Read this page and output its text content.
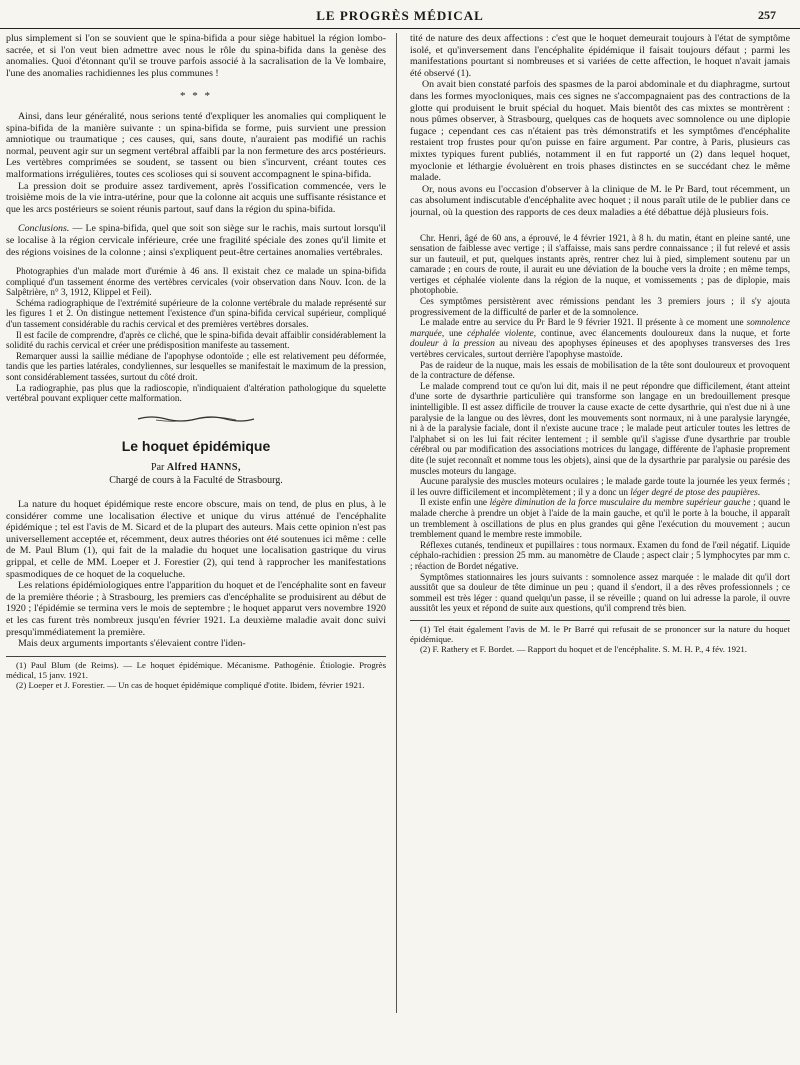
LE PROGRÈS MÉDICAL	257

plus simplement si l'on se souvient que le spina-bifida a pour siège habituel la région lombo-sacrée, et si l'on veut bien admettre avec nous le rôle du spina-bifida dans la genèse des anomalies. Quoi d'étonnant qu'il se trouve parfois associé à la sacralisation de la Ve lombaire, l'une des anomalies rachidiennes les plus communes !

* * *

Ainsi, dans leur généralité, nous serions tenté d'expliquer les anomalies qui compliquent le spina-bifida de la manière suivante : un spina-bifida se forme, puis survient une pression amniotique ou traumatique ; ces causes, qui, sans doute, n'auraient pas modifié un rachis normal, peuvent agir sur un segment vertébral affaibli par la non fermeture des arcs postérieurs. Les vertèbres comprimées se soudent, se tassent ou bien s'incurvent, créant toutes ces malformations irrégulières, toutes ces scolioses qui si souvent accompagnent le spina-bifida.

La pression doit se produire assez tardivement, après l'ossification commencée, vers le troisième mois de la vie intra-utérine, pour que la colonne ait acquis une suffisante résistance et que les arcs postérieurs se soient réunis partout, sauf dans la région du spina-bifida.

Conclusions. — Le spina-bifida, quel que soit son siège sur le rachis, mais surtout lorsqu'il se localise à la région cervicale inférieure, crée une fragilité spéciale des zones qu'il limite et des régions voisines de la colonne ; ainsi s'expliquent peut-être certaines anomalies vertébrales.

Photographies d'un malade mort d'urémie à 46 ans. Il existait chez ce malade un spina-bifida compliqué d'un tassement énorme des vertèbres cervicales (voir observation dans Nouv. Icon. de la Salpêtrière, n° 3, 1912, Klippel et Feil).

Schéma radiographique de l'extrémité supérieure de la colonne vertébrale du malade représenté sur les figures 1 et 2. On distingue nettement l'existence d'un spina-bifida cervical supérieur, compliqué d'un tassement considérable du rachis cervical et des premières vertèbres dorsales.

Il est facile de comprendre, d'après ce cliché, que le spina-bifida devait affaiblir considérablement la solidité du rachis cervical et créer une prédisposition manifeste au tassement.

Remarquer aussi la saillie médiane de l'apophyse odontoïde ; elle est relativement peu déformée, tandis que les parties latérales, condyliennes, sur lesquelles se manifestait le maximum de la pression, sont considérablement tassées, surtout du côté droit.

La radiographie, pas plus que la radioscopie, n'indiquaient d'altération pathologique du squelette vertébral pouvant expliquer cette malformation.

Le hoquet épidémique
Par Alfred HANNS,
Chargé de cours à la Faculté de Strasbourg.

La nature du hoquet épidémique reste encore obscure, mais on tend, de plus en plus, à le considérer comme une localisation élective et unique du virus atténué de l'encéphalite épidémique ; tel est l'avis de M. Sicard et de la plupart des auteurs. Mais cette opinion n'est pas universellement acceptée et, récemment, deux autres théories ont été soutenues ici même : celle de M. Paul Blum (1), qui fait de la maladie du hoquet une localisation gastrique du virus grippal, et celle de MM. Loeper et J. Forestier (2), qui tend à rapprocher les manifestations spasmodiques de ce hoquet de la coqueluche.

Les relations épidémiologiques entre l'apparition du hoquet et de l'encéphalite sont en faveur de la première théorie ; à Strasbourg, les premiers cas d'encéphalite se produisirent au début de 1920 ; l'épidémie se termina vers le mois de septembre ; le hoquet apparut vers novembre 1920 et les cas furent très nombreux jusqu'en février 1921. La deuxième maladie avait donc suivi presqu'immédiatement la première.

Mais deux arguments importants s'élevaient contre l'iden-

(1) Paul Blum (de Reims). — Le hoquet épidémique. Mécanisme. Pathogénie. Étiologie. Progrès médical, 15 janv. 1921.

(2) Loeper et J. Forestier. — Un cas de hoquet épidémique compliqué d'otite. Ibidem, février 1921.

tité de nature des deux affections : c'est que le hoquet demeurait toujours à l'état de symptôme isolé, et qu'inversement dans l'encéphalite épidémique il faisait toujours défaut ; parmi les manifestations pourtant si nombreuses et si variées de cette affection, le hoquet n'avait jamais été observé (1).

On avait bien constaté parfois des spasmes de la paroi abdominale et du diaphragme, surtout dans les formes myocloniques, mais ces signes ne s'accompagnaient pas des contractions de la glotte qui produisent le bruit spécial du hoquet. Mais bientôt des cas mixtes se montrèrent : nous pûmes observer, à Strasbourg, quelques cas de hoquets avec somnolence ou une diplopie fugace ; cependant ces cas n'étaient pas très démonstratifs et les symptômes d'encéphalite restaient trop frustes pour qu'on puisse en faire argument. Par contre, à Paris, plusieurs cas mixtes typiques furent publiés, notamment il en fut rapporté un (2) dans lequel hoquet, myoclonie et léthargie évoluèrent en trois phases distinctes en se succédant chez le même malade.

Or, nous avons eu l'occasion d'observer à la clinique de M. le Pr Bard, tout récemment, un cas absolument indiscutable d'encéphalite avec hoquet ; il nous paraît utile de le publier dans ce journal, où la question des rapports de ces deux maladies a été débattue déjà plusieurs fois.

Chr. Henri, âgé de 60 ans, a éprouvé, le 4 février 1921, à 8 h. du matin, étant en pleine santé, une sensation de faiblesse avec vertige ; il s'affaisse, mais sans perdre connaissance ; il fut relevé et assis sur un fauteuil, et put, quelques instants après, rentrer chez lui à pied, simplement soutenu par un camarade ; en cours de route, il aurait eu une déviation de la bouche vers la droite ; en même temps, vertiges et céphalée violente dans la région de la nuque, et vomissements ; pas de diplopie, mais photophobie.

Ces symptômes persistèrent avec rémissions pendant les 3 premiers jours ; il s'y ajouta progressivement de la difficulté de parler et de la somnolence.

Le malade entre au service du Pr Bard le 9 février 1921. Il présente à ce moment une somnolence marquée, une céphalée violente, continue, avec élancements douloureux dans la nuque, et forte douleur à la pression au niveau des apophyses épineuses et des apophyses transverses des 1res vertèbres cervicales, surtout derrière l'apophyse mastoïde.

Pas de raideur de la nuque, mais les essais de mobilisation de la tête sont douloureux et provoquent de la contracture de défense.

Le malade comprend tout ce qu'on lui dit, mais il ne peut répondre que difficilement, étant atteint d'une sorte de dysarthrie particulière qui transforme son langage en un bredouillement presque inintelligible. Il est assez difficile de trouver la cause exacte de cette dysarthrie, qui n'est due ni à une paralysie de la langue ou des lèvres, dont les mouvements sont normaux, ni à une paralysie laryngée, ni à de la paralysie faciale, dont il n'existe aucune trace ; le malade peut articuler toutes les lettres de l'alphabet si on les lui fait réciter lentement ; il semble qu'il s'agisse d'une dysarthrie par trouble cérébral ou par modification des associations motrices du langage, différente de l'aphasie proprement dite (le sujet reconnaît et nomme tous les objets), ainsi que de la dysarthrie par paralysie ou parésie des muscles moteurs du langage.

Aucune paralysie des muscles moteurs oculaires ; le malade garde toute la journée les yeux fermés ; il les ouvre difficilement et incomplètement ; il y a donc un léger degré de ptose des paupières.

Il existe enfin une légère diminution de la force musculaire du membre supérieur gauche ; quand le malade cherche à prendre un objet à l'aide de la main gauche, et qu'il le porte à la bouche, il apparaît un tremblement à oscillations de plus en plus grandes qui gêne l'exécution du mouvement ; aucun tremblement quand le membre reste immobile.

Réflexes cutanés, tendineux et pupillaires : tous normaux. Examen du fond de l'œil négatif. Liquide céphalo-rachidien : pression 25 mm. au manomètre de Claude ; aspect clair ; 5 lymphocytes par mm c. ; réaction de Bordet négative.

Symptômes stationnaires les jours suivants : somnolence assez marquée : le malade dit qu'il dort aussitôt que sa douleur de tête diminue un peu ; quand il s'endort, il a des rêves professionnels ; ce sommeil est très léger : quand quelqu'un passe, il se réveille ; quand on lui adresse la parole, il ouvre aussitôt les yeux et répond de suite aux questions, qu'il comprend très bien.

(1) Tel était également l'avis de M. le Pr Barré qui refusait de se prononcer sur la nature du hoquet épidémique.

(2) F. Rathery et F. Bordet. — Rapport du hoquet et de l'encéphalite. S. M. H. P., 4 fév. 1921.
